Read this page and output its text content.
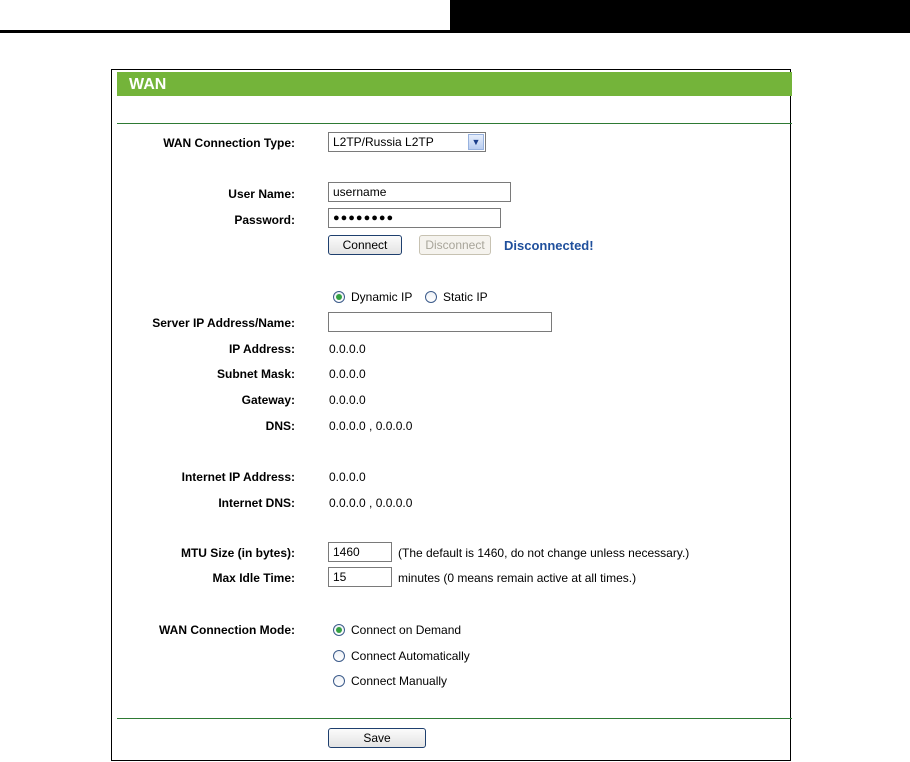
WAN
WAN Connection Type:	L2TP/Russia L2TP	▼
User Name:	username
Password:	●●●●●●●●
Connect	Disconnect	Disconnected!
Dynamic IP	Static IP
Server IP Address/Name:
IP Address:	0.0.0.0
Subnet Mask:	0.0.0.0
Gateway:	0.0.0.0
DNS:	0.0.0.0 , 0.0.0.0
Internet IP Address:	0.0.0.0
Internet DNS:	0.0.0.0 , 0.0.0.0
MTU Size (in bytes):	1460	(The default is 1460, do not change unless necessary.)
Max Idle Time:	15	minutes (0 means remain active at all times.)
WAN Connection Mode:	Connect on Demand
Connect Automatically
Connect Manually
Save
